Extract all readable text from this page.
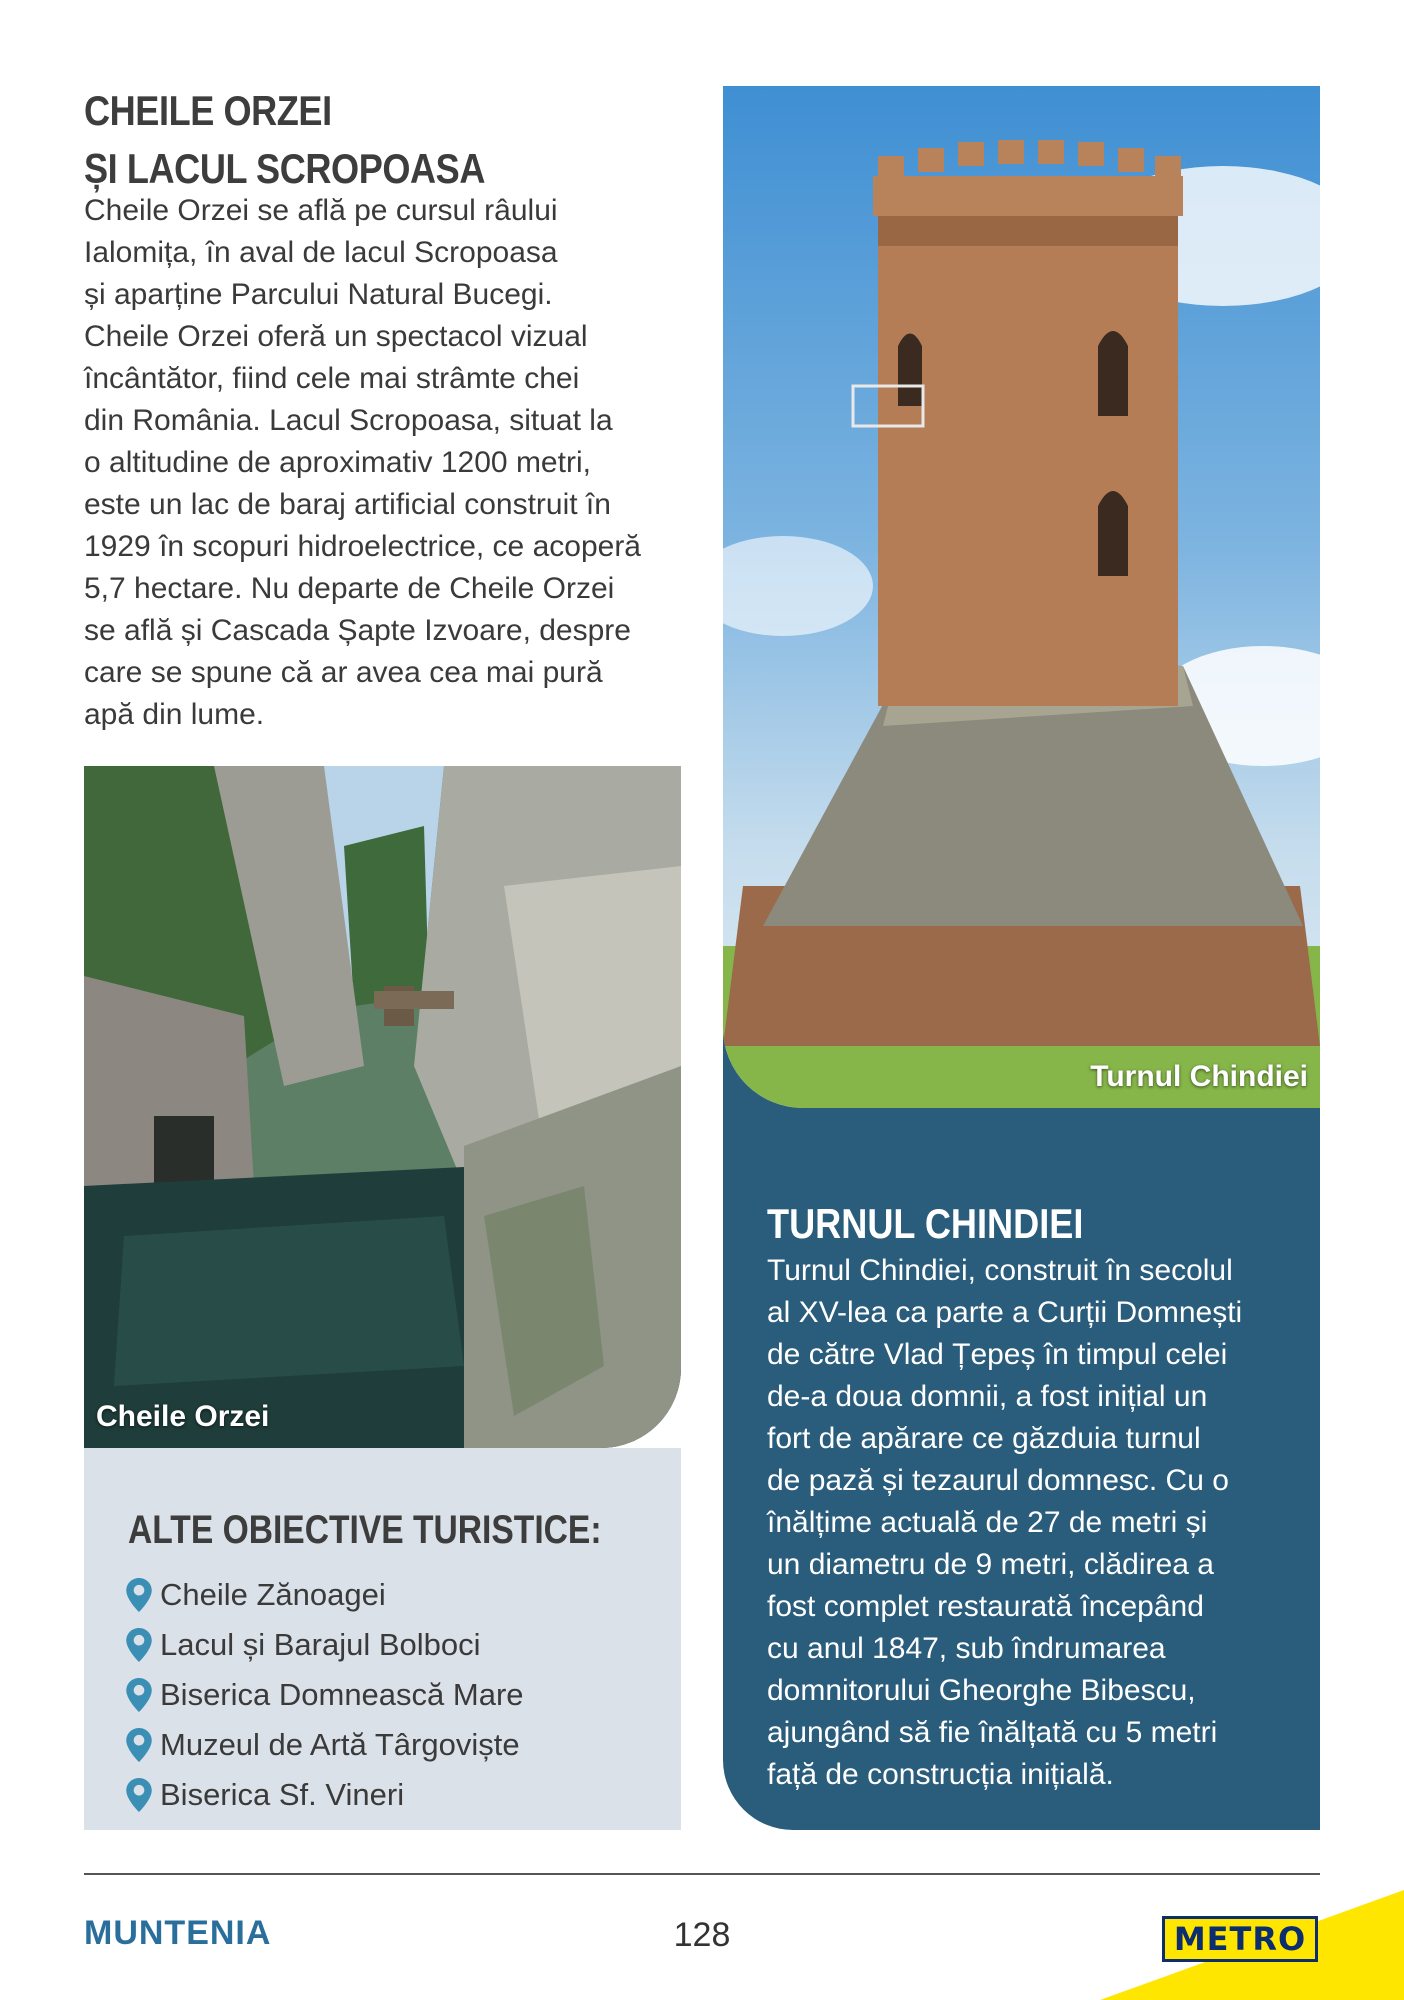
CHEILE ORZEI
ȘI LACUL SCROPOASA
Cheile Orzei se află pe cursul râului
Ialomița, în aval de lacul Scropoasa
și aparține Parcului Natural Bucegi.
Cheile Orzei oferă un spectacol vizual
încântător, fiind cele mai strâmte chei
din România. Lacul Scropoasa, situat la
o altitudine de aproximativ 1200 metri,
este un lac de baraj artificial construit în
1929 în scopuri hidroelectrice, ce acoperă
5,7 hectare. Nu departe de Cheile Orzei
se află și Cascada Șapte Izvoare, despre
care se spune că ar avea cea mai pură
apă din lume.
Cheile Orzei
ALTE OBIECTIVE TURISTICE:
Cheile Zănoagei
Lacul și Barajul Bolboci
Biserica Domnească Mare
Muzeul de Artă Târgoviște
Biserica Sf. Vineri
Turnul Chindiei
TURNUL CHINDIEI
Turnul Chindiei, construit în secolul
al XV-lea ca parte a Curții Domnești
de către Vlad Țepeș în timpul celei
de-a doua domnii, a fost inițial un
fort de apărare ce găzduia turnul
de pază și tezaurul domnesc. Cu o
înălțime actuală de 27 de metri și
un diametru de 9 metri, clădirea a
fost complet restaurată începând
cu anul 1847, sub îndrumarea
domnitorului Gheorghe Bibescu,
ajungând să fie înălțată cu 5 metri
față de construcția inițială.
MUNTENIA	128	METRO
